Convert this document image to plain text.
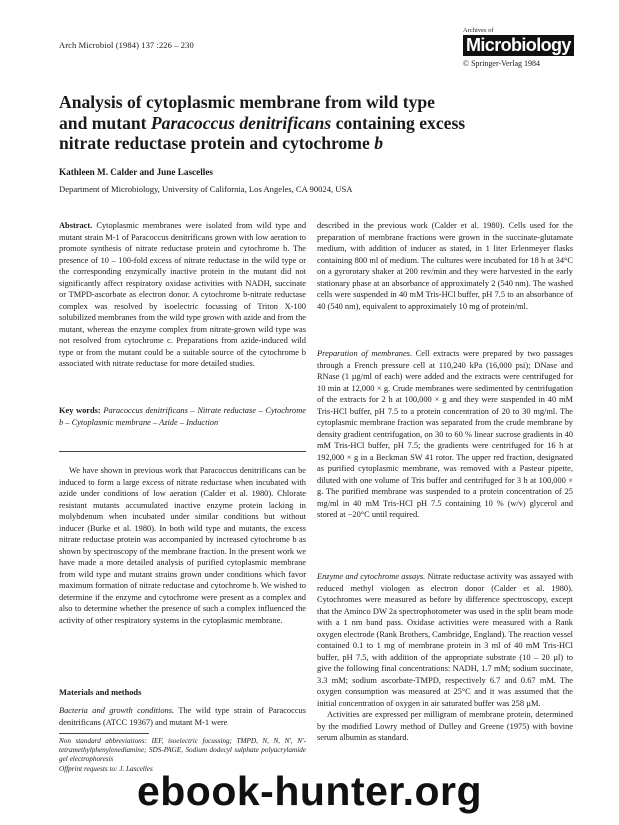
Arch Microbiol (1984) 137 :226 – 230
Archives of
Microbiology
© Springer-Verlag 1984
Analysis of cytoplasmic membrane from wild type
and mutant Paracoccus denitrificans containing excess
nitrate reductase protein and cytochrome b
Kathleen M. Calder and June Lascelles
Department of Microbiology, University of California, Los Angeles, CA 90024, USA

Abstract. Cytoplasmic membranes were isolated from wild type and mutant strain M-1 of Paracoccus denitrificans grown with low aeration to promote synthesis of nitrate reductase protein and cytochrome b. The presence of 10 – 100-fold excess of nitrate reductase in the wild type or the corresponding enzymically inactive protein in the mutant did not significantly affect respiratory oxidase activities with NADH, succinate or TMPD-ascorbate as electron donor. A cytochrome b-nitrate reductase complex was resolved by isoelectric focussing of Triton X-100 solubilized membranes from the wild type grown with azide and from the mutant, whereas the enzyme complex from nitrate-grown wild type was not resolved from cytochrome c. Preparations from azide-induced wild type or from the mutant could be a suitable source of the cytochrome b associated with nitrate reductase for more detailed studies.

Key words: Paracoccus denitrificans – Nitrate reductase – Cytochrome b – Cytoplasmic membrane – Azide – Induction

We have shown in previous work that Paracoccus denitrificans can be induced to form a large excess of nitrate reductase when incubated with azide under conditions of low aeration (Calder et al. 1980). Chlorate resistant mutants accumulated inactive enzyme protein lacking in molybdenum when incubated under similar conditions but without inducer (Burke et al. 1980). In both wild type and mutants, the excess nitrate reductase protein was accompanied by increased cytochrome b as shown by spectroscopy of the membrane fraction. In the present work we have made a more detailed analysis of purified cytoplasmic membrane from wild type and mutant strains grown under conditions which favor maximum formation of nitrate reductase and cytochrome b. We wished to determine if the enzyme and cytochrome were present as a complex and also to determine whether the presence of such a complex influenced the activity of other respiratory systems in the cytoplasmic membrane.

Materials and methods

Bacteria and growth conditions. The wild type strain of Paracoccus denitrificans (ATCC 19367) and mutant M-1 were

Non standard abbreviations: IEF, isoelectric focussing; TMPD, N, N, N′, N′-tetramethylphenylenediamine; SDS-PAGE, Sodium dodecyl sulphate polyacrylamide gel electrophoresis
Offprint requests to: J. Lascelles

described in the previous work (Calder et al. 1980). Cells used for the preparation of membrane fractions were grown in the succinate-glutamate medium, with addition of inducer as stated, in 1 liter Erlenmeyer flasks containing 800 ml of medium. The cultures were incubated for 18 h at 34°C on a gyrorotary shaker at 200 rev/min and they were harvested in the early stationary phase at an absorbance of approximately 2 (540 nm). The washed cells were suspended in 40 mM Tris-HCl buffer, pH 7.5 to an absorbance of 40 (540 nm), equivalent to approximately 10 mg of protein/ml.

Preparation of membranes. Cell extracts were prepared by two passages through a French pressure cell at 110,240 kPa (16,000 psi); DNase and RNase (1 µg/ml of each) were added and the extracts were centrifuged for 10 min at 12,000 × g. Crude membranes were sedimented by centrifugation of the extracts for 2 h at 100,000 × g and they were suspended in 40 mM Tris-HCl buffer, pH 7.5 to a protein concentration of 20 to 30 mg/ml. The cytoplasmic membrane fraction was separated from the crude membrane by density gradient centrifugation, on 30 to 60 % linear sucrose gradients in 40 mM Tris-HCl buffer, pH 7.5; the gradients were centrifuged for 16 h at 192,000 × g in a Beckman SW 41 rotor. The upper red fraction, designated as purified cytoplasmic membrane, was removed with a Pasteur pipette, diluted with one volume of Tris buffer and centrifuged for 3 h at 100,000 × g. The purified membrane was suspended to a protein concentration of 25 mg/ml in 40 mM Tris-HCl pH 7.5 containing 10 % (w/v) glycerol and stored at −20°C until required.

Enzyme and cytochrome assays. Nitrate reductase activity was assayed with reduced methyl viologen as electron donor (Calder et al. 1980). Cytochromes were measured as before by difference spectroscopy, except that the Aminco DW 2a spectrophotometer was used in the split beam mode with a 1 nm band pass. Oxidase activities were measured with a Rank oxygen electrode (Rank Brothers, Cambridge, England). The reaction vessel contained 0.1 to 1 mg of membrane protein in 3 ml of 40 mM Tris-HCl buffer, pH 7.5, with addition of the appropriate substrate (10 – 20 µl) to give the following final concentrations: NADH, 1.7 mM; sodium succinate, 3.3 mM; sodium ascorbate-TMPD, respectively 6.7 and 0.67 mM. The oxygen consumption was measured at 25°C and it was assumed that the initial concentration of oxygen in air saturated buffer was 258 µM.

Activities are expressed per milligram of membrane protein, determined by the modified Lowry method of Dulley and Greene (1975) with bovine serum albumin as standard.

ebook-hunter.org
